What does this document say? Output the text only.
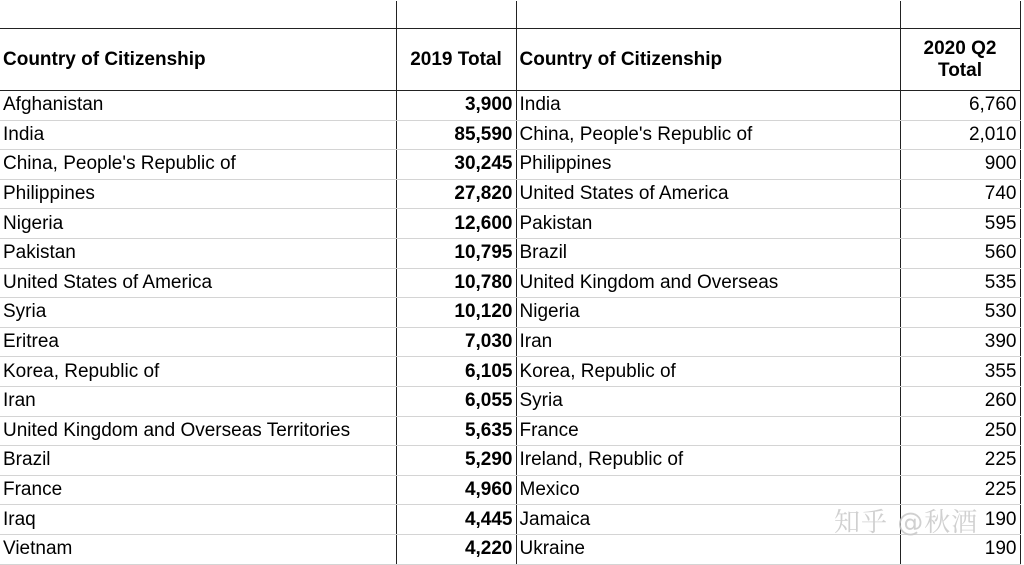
Country of Citizenship	2019 Total	Country of Citizenship	2020 Q2
Total
Afghanistan	3,900	India	6,760
India	85,590	China, People's Republic of	2,010
China, People's Republic of	30,245	Philippines	900
Philippines	27,820	United States of America	740
Nigeria	12,600	Pakistan	595
Pakistan	10,795	Brazil	560
United States of America	10,780	United Kingdom and Overseas	535
Syria	10,120	Nigeria	530
Eritrea	7,030	Iran	390
Korea, Republic of	6,105	Korea, Republic of	355
Iran	6,055	Syria	260
United Kingdom and Overseas Territories	5,635	France	250
Brazil	5,290	Ireland, Republic of	225
France	4,960	Mexico	225
Iraq	4,445	Jamaica	190
Vietnam	4,220	Ukraine	190
知乎 @秋酒
